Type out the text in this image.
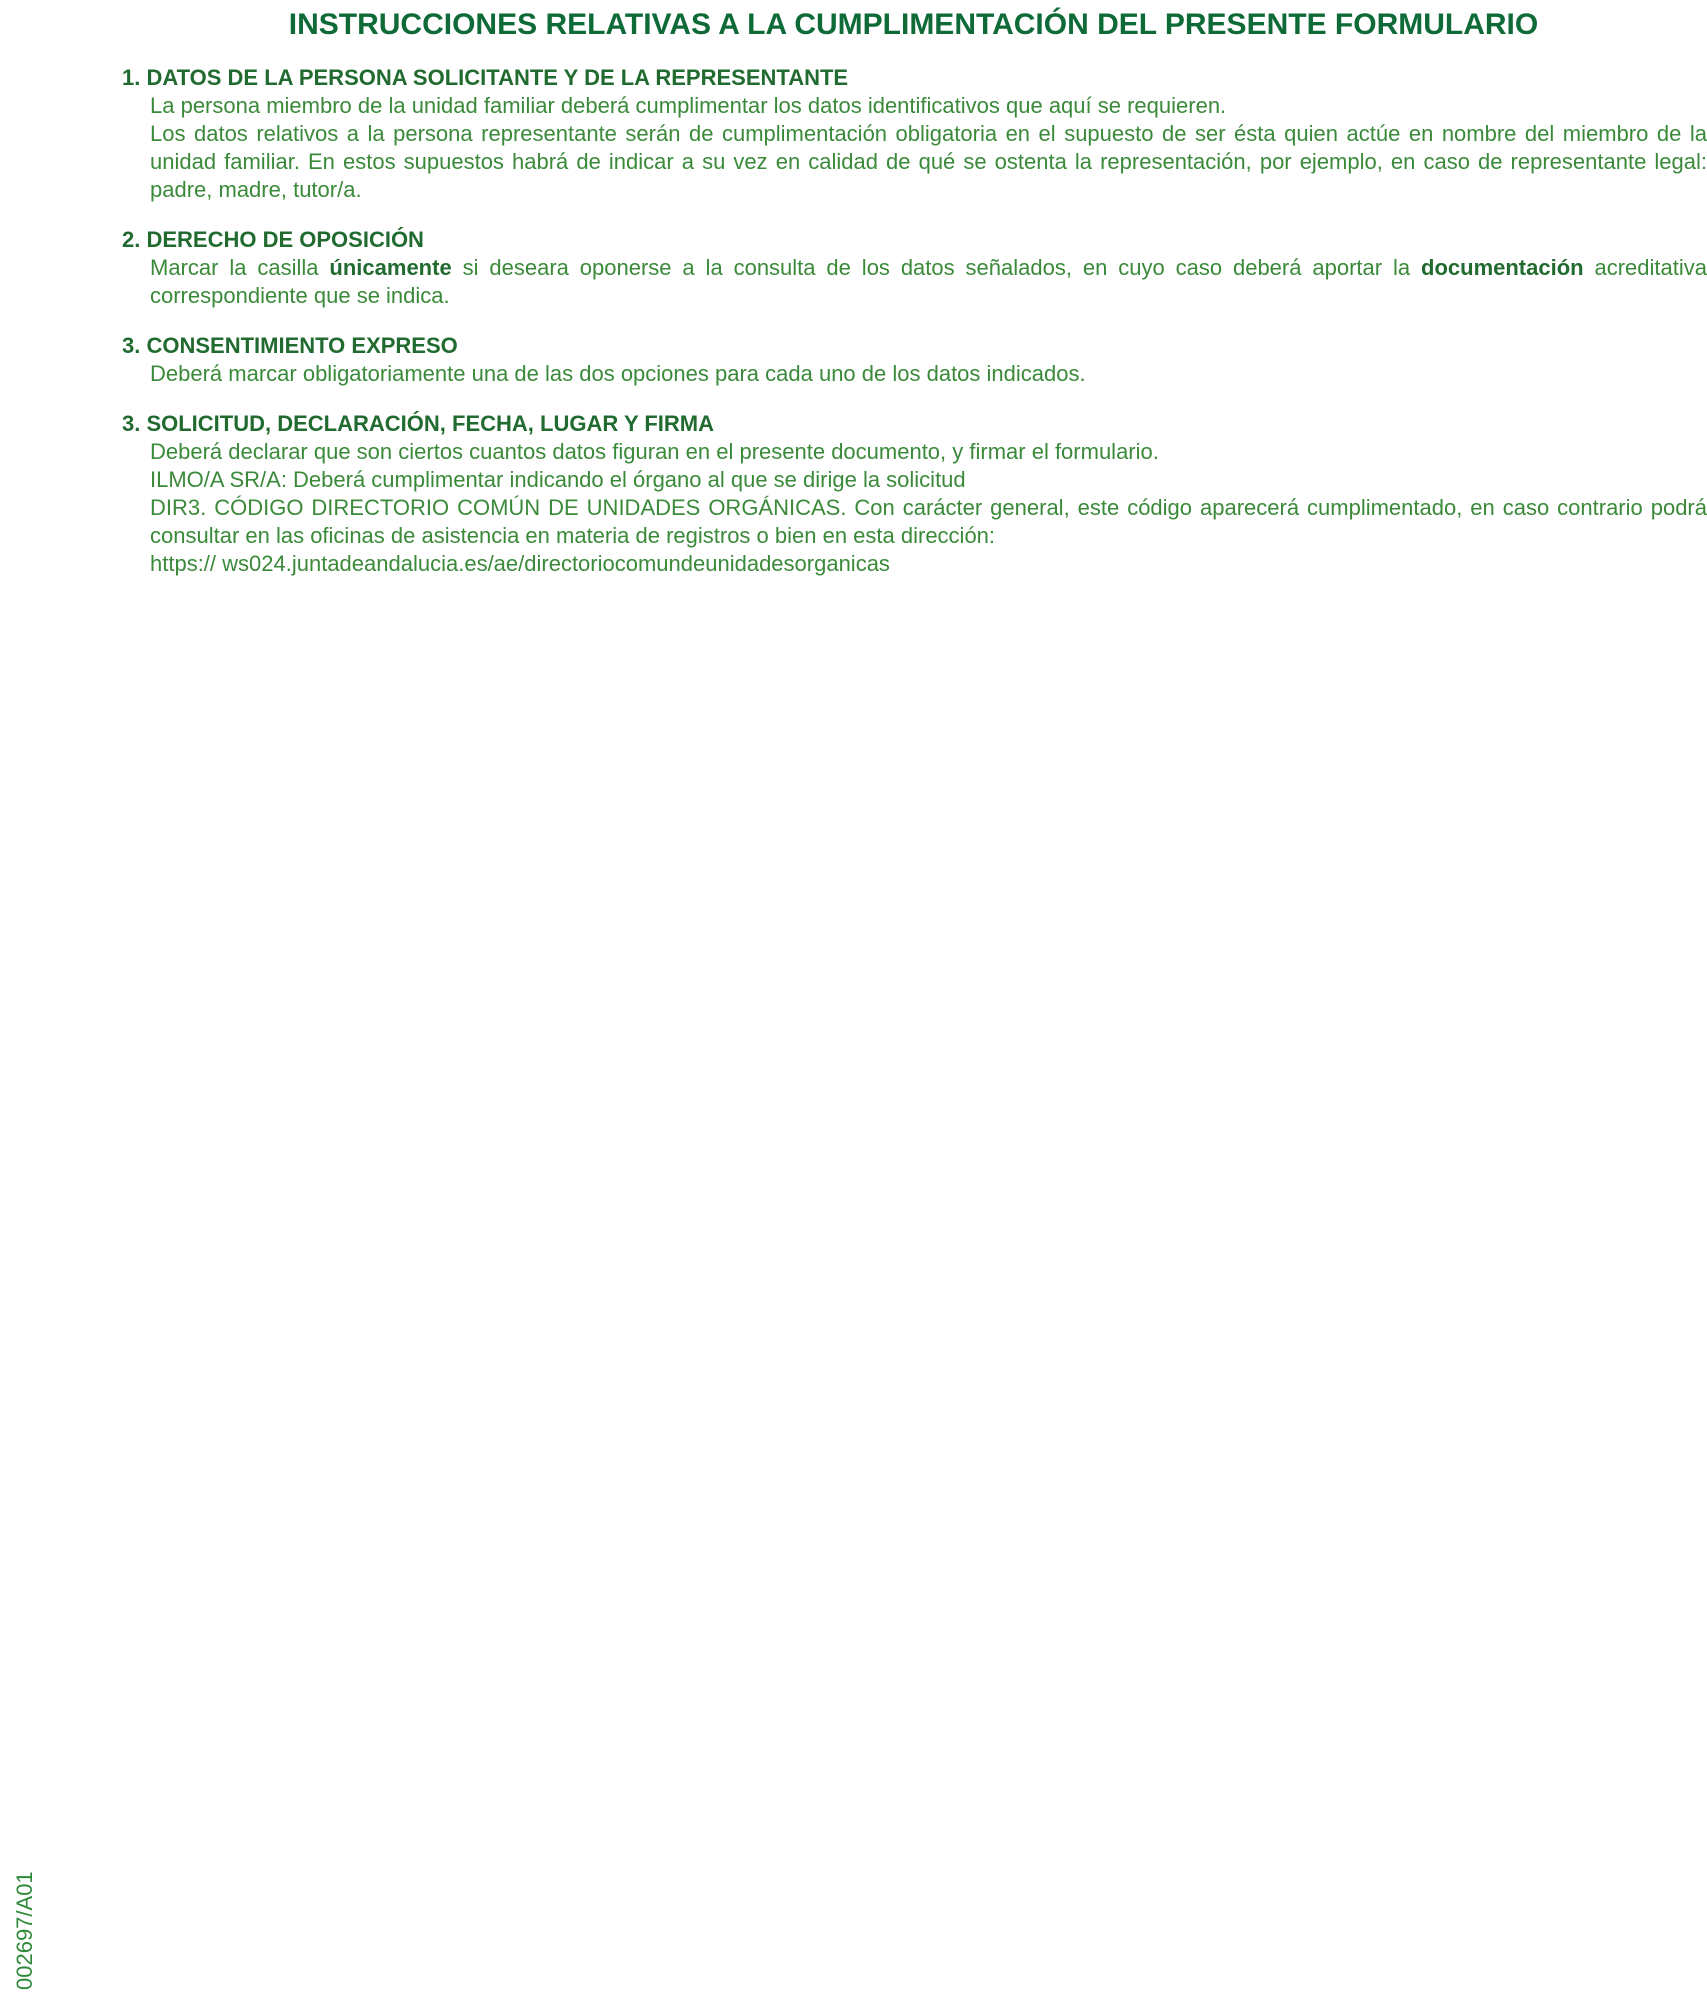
INSTRUCCIONES RELATIVAS A LA CUMPLIMENTACIÓN DEL PRESENTE FORMULARIO
1. DATOS DE LA PERSONA SOLICITANTE Y DE LA REPRESENTANTE
La persona miembro de la unidad familiar deberá cumplimentar los datos identificativos que aquí se requieren.
Los datos relativos a la persona representante serán de cumplimentación obligatoria en el supuesto de ser ésta quien actúe en nombre del miembro de la unidad familiar. En estos supuestos habrá de indicar a su vez en calidad de qué se ostenta la representación, por ejemplo, en caso de representante legal: padre, madre, tutor/a.
2. DERECHO DE OPOSICIÓN
Marcar la casilla únicamente si deseara oponerse a la consulta de los datos señalados, en cuyo caso deberá aportar la documentación acreditativa correspondiente que se indica.
3. CONSENTIMIENTO EXPRESO
Deberá marcar obligatoriamente una de las dos opciones para cada uno de los datos indicados.
3. SOLICITUD, DECLARACIÓN, FECHA, LUGAR Y FIRMA
Deberá declarar que son ciertos cuantos datos figuran en el presente documento, y firmar el formulario.
ILMO/A SR/A: Deberá cumplimentar indicando el órgano al que se dirige la solicitud
DIR3. CÓDIGO DIRECTORIO COMÚN DE UNIDADES ORGÁNICAS. Con carácter general, este código aparecerá cumplimentado, en caso contrario podrá consultar en las oficinas de asistencia en materia de registros o bien en esta dirección:
https:// ws024.juntadeandalucia.es/ae/directoriocomundeunidadesorganicas
002697/A01
